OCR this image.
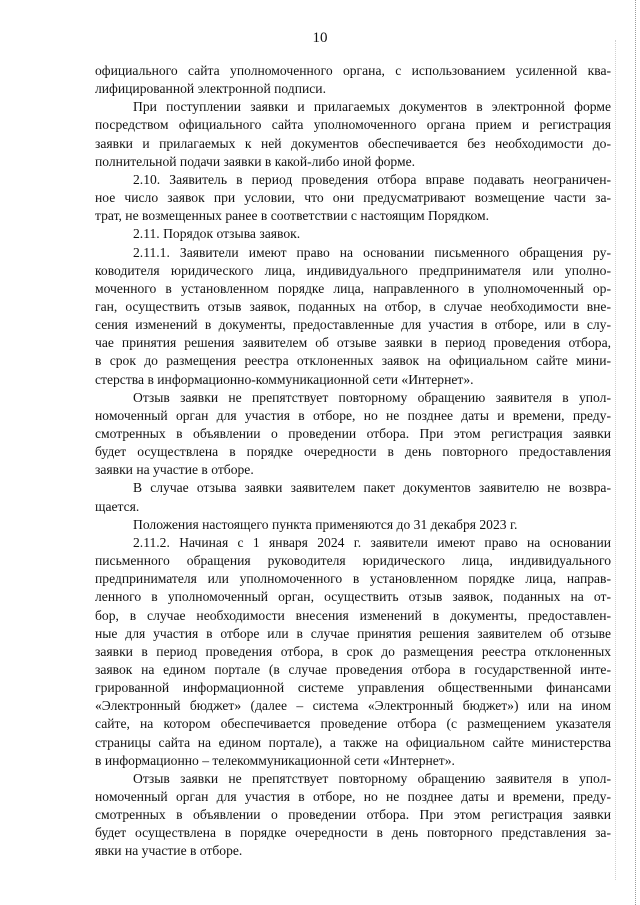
10
официального сайта уполномоченного органа, с использованием усиленной ква-
лифицированной электронной подписи.
При поступлении заявки и прилагаемых документов в электронной форме
посредством официального сайта уполномоченного органа прием и регистрация
заявки и прилагаемых к ней документов обеспечивается без необходимости до-
полнительной подачи заявки в какой-либо иной форме.
2.10. Заявитель в период проведения отбора вправе подавать неограничен-
ное число заявок при условии, что они предусматривают возмещение части за-
трат, не возмещенных ранее в соответствии с настоящим Порядком.
2.11. Порядок отзыва заявок.
2.11.1. Заявители имеют право на основании письменного обращения ру-
ководителя юридического лица, индивидуального предпринимателя или уполно-
моченного в установленном порядке лица, направленного в уполномоченный ор-
ган, осуществить отзыв заявок, поданных на отбор, в случае необходимости вне-
сения изменений в документы, предоставленные для участия в отборе, или в слу-
чае принятия решения заявителем об отзыве заявки в период проведения отбора,
в срок до размещения реестра отклоненных заявок на официальном сайте мини-
стерства в информационно-коммуникационной сети «Интернет».
Отзыв заявки не препятствует повторному обращению заявителя в упол-
номоченный орган для участия в отборе, но не позднее даты и времени, преду-
смотренных в объявлении о проведении отбора. При этом регистрация заявки
будет осуществлена в порядке очередности в день повторного предоставления
заявки на участие в отборе.
В случае отзыва заявки заявителем пакет документов заявителю не возвра-
щается.
Положения настоящего пункта применяются до 31 декабря 2023 г.
2.11.2. Начиная с 1 января 2024 г. заявители имеют право на основании
письменного обращения руководителя юридического лица, индивидуального
предпринимателя или уполномоченного в установленном порядке лица, направ-
ленного в уполномоченный орган, осуществить отзыв заявок, поданных на от-
бор, в случае необходимости внесения изменений в документы, предоставлен-
ные для участия в отборе или в случае принятия решения заявителем об отзыве
заявки в период проведения отбора, в срок до размещения реестра отклоненных
заявок на едином портале (в случае проведения отбора в государственной инте-
грированной информационной системе управления общественными финансами
«Электронный бюджет» (далее – система «Электронный бюджет») или на ином
сайте, на котором обеспечивается проведение отбора (с размещением указателя
страницы сайта на едином портале), а также на официальном сайте министерства
в информационно – телекоммуникационной сети «Интернет».
Отзыв заявки не препятствует повторному обращению заявителя в упол-
номоченный орган для участия в отборе, но не позднее даты и времени, преду-
смотренных в объявлении о проведении отбора. При этом регистрация заявки
будет осуществлена в порядке очередности в день повторного представления за-
явки на участие в отборе.
